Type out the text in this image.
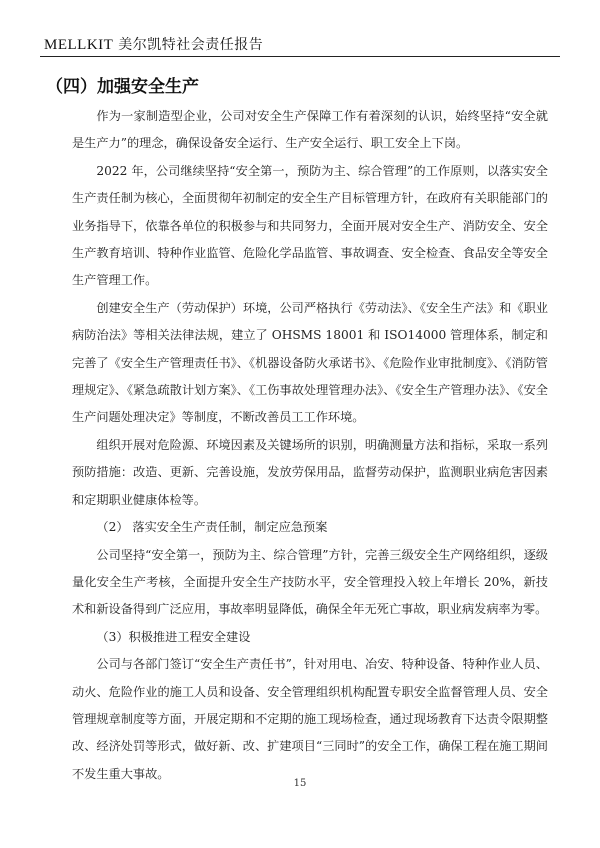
MELLKIT 美尔凯特社会责任报告
（四）加强安全生产

作为一家制造型企业，公司对安全生产保障工作有着深刻的认识，始终坚持“安全就是生产力”的理念，确保设备安全运行、生产安全运行、职工安全上下岗。

2022 年，公司继续坚持“安全第一，预防为主、综合管理”的工作原则，以落实安全生产责任制为核心，全面贯彻年初制定的安全生产目标管理方针，在政府有关职能部门的业务指导下，依靠各单位的积极参与和共同努力，全面开展对安全生产、消防安全、安全生产教育培训、特种作业监管、危险化学品监管、事故调查、安全检查、食品安全等安全生产管理工作。

创建安全生产（劳动保护）环境，公司严格执行《劳动法》、《安全生产法》和《职业病防治法》等相关法律法规，建立了 OHSMS 18001 和 ISO14000 管理体系，制定和完善了《安全生产管理责任书》、《机器设备防火承诺书》、《危险作业审批制度》、《消防管理规定》、《紧急疏散计划方案》、《工伤事故处理管理办法》、《安全生产管理办法》、《安全生产问题处理决定》等制度，不断改善员工工作环境。

组织开展对危险源、环境因素及关键场所的识别，明确测量方法和指标，采取一系列预防措施：改造、更新、完善设施，发放劳保用品，监督劳动保护，监测职业病危害因素和定期职业健康体检等。

（2） 落实安全生产责任制，制定应急预案

公司坚持“安全第一，预防为主、综合管理”方针，完善三级安全生产网络组织，逐级量化安全生产考核，全面提升安全生产技防水平，安全管理投入较上年增长 20%，新技术和新设备得到广泛应用，事故率明显降低，确保全年无死亡事故，职业病发病率为零。

（3）积极推进工程安全建设

公司与各部门签订“安全生产责任书”，针对用电、冶安、特种设备、特种作业人员、动火、危险作业的施工人员和设备、安全管理组织机构配置专职安全监督管理人员、安全管理规章制度等方面，开展定期和不定期的施工现场检查，通过现场教育下达责令限期整改、经济处罚等形式，做好新、改、扩建项目“三同时”的安全工作，确保工程在施工期间不发生重大事故。

15
